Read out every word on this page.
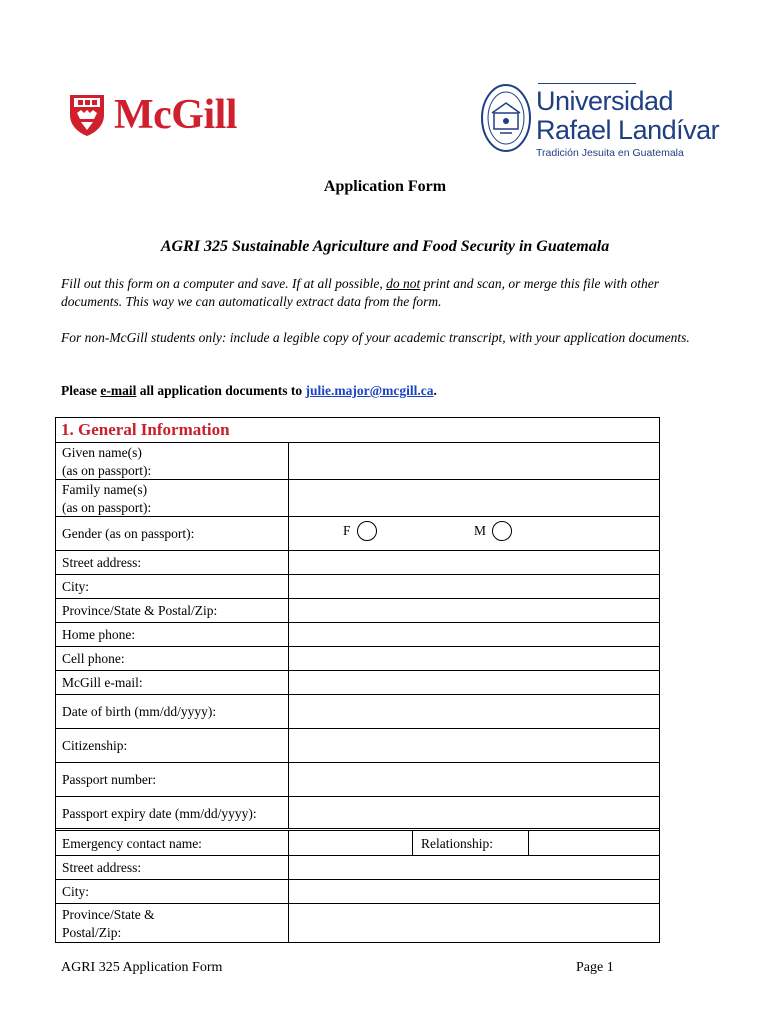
McGill	Universidad
Rafael Landívar
Tradición Jesuita en Guatemala
Application Form
AGRI 325 Sustainable Agriculture and Food Security in Guatemala
Fill out this form on a computer and save. If at all possible, do not print and scan, or merge this file with other documents. This way we can automatically extract data from the form.
For non-McGill students only: include a legible copy of your academic transcript, with your application documents.
Please e-mail all application documents to julie.major@mcgill.ca.
1. General Information
Given name(s)
(as on passport):
Family name(s)
(as on passport):
Gender (as on passport):	F	M
Street address:
City:
Province/State & Postal/Zip:
Home phone:
Cell phone:
McGill e-mail:
Date of birth (mm/dd/yyyy):
Citizenship:
Passport number:
Passport expiry date (mm/dd/yyyy):
Emergency contact name:	Relationship:
Street address:
City:
Province/State &
Postal/Zip:
AGRI 325 Application Form	Page 1
